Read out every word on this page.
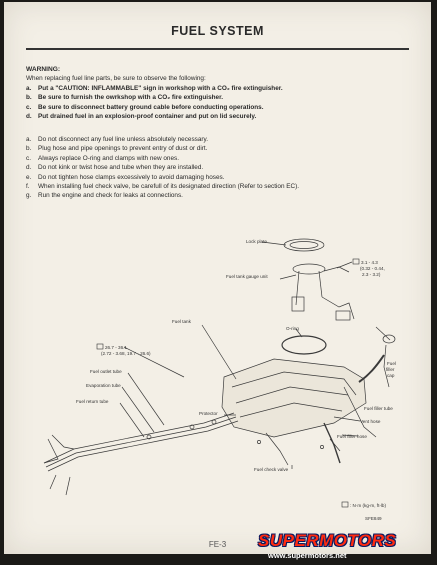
FUEL SYSTEM
WARNING:
When replacing fuel line parts, be sure to observe the following:
a.	Put a "CAUTION: INFLAMMABLE" sign in workshop with a CO₂ fire extinguisher.
b. Be sure to furnish the owrkshop with a CO₂ fire extinguisher.
c.	Be sure to disconnect battery ground cable before conducting operations.
d. Put drained fuel in an explosion-proof container and put on lid securely.
a.	Do not disconnect any fuel line unless absolutely necessary.
b.	Plug hose and pipe openings to prevent entry of dust or dirt.
c.	Always replace O-ring and clamps with new ones.
d.	Do not kink or twist hose and tube when they are installed.
e.	Do not tighten hose clamps excessively to avoid damaging hoses.
f.	When installing fuel check valve, be carefull of its designated direction (Refer to section EC).
g.	Run the engine and check for leaks at connections.
Lock plate
Fuel tank gauge unit
3.1 - 4.3
(0.32 - 0.44,
2.3 - 3.2)
O-ring
Fuel tank
26.7 - 36.1
(2.72 - 3.68, 19.7 - 26.6)
Fuel
filler
cap
Fuel outlet tube
Evaporation tube
Fuel return tube
Protector
Fuel filler tube
Vent hose
Fuel filler hose
Fuel check valve
: N·m (kg-m, ft-lb)
SFE849
FE-3	SUPERMOTORS
www.supermotors.net
